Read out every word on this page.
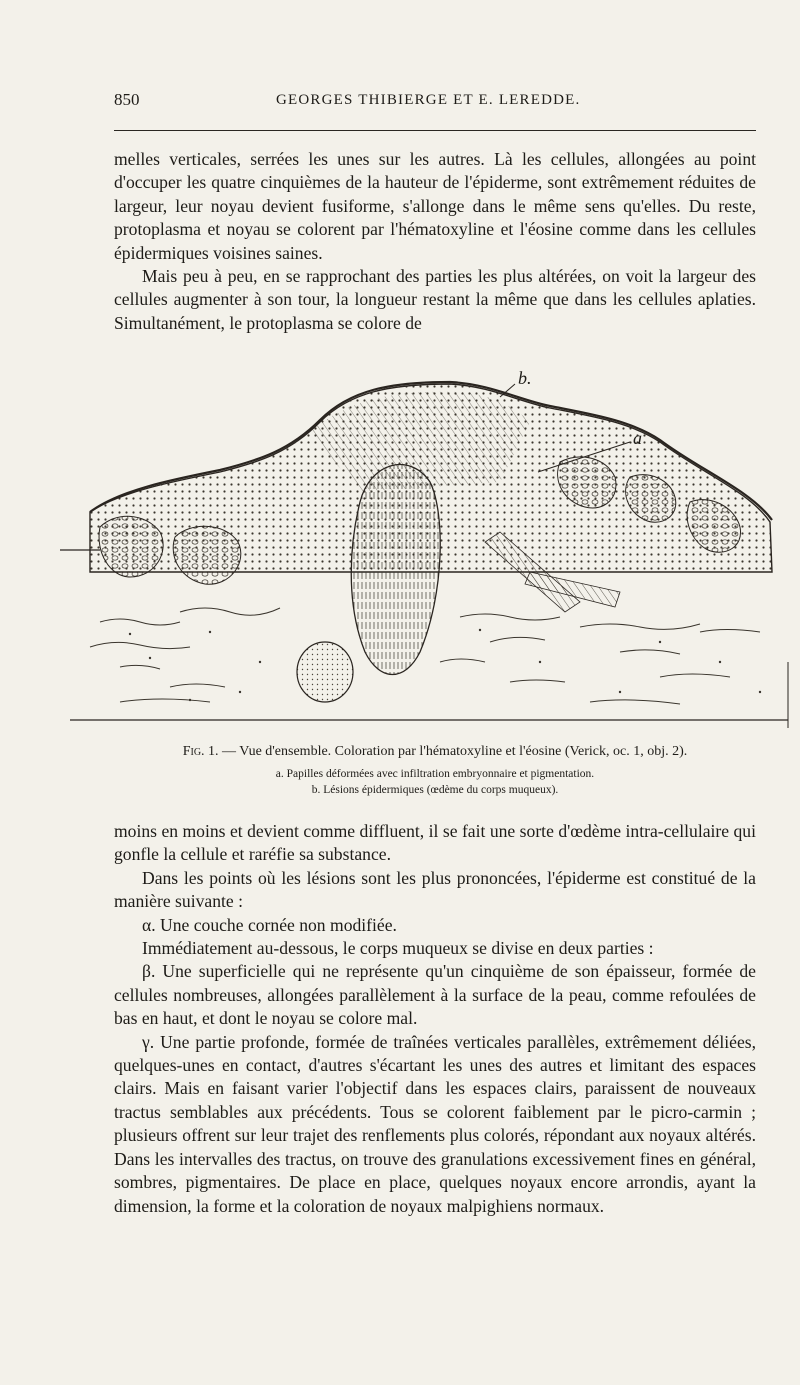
850	GEORGES THIBIERGE ET E. LEREDDE.

melles verticales, serrées les unes sur les autres. Là les cellules, allongées au point d'occuper les quatre cinquièmes de la hauteur de l'épiderme, sont extrêmement réduites de largeur, leur noyau devient fusiforme, s'allonge dans le même sens qu'elles. Du reste, protoplasma et noyau se colorent par l'hématoxyline et l'éosine comme dans les cellules épidermiques voisines saines.

Mais peu à peu, en se rapprochant des parties les plus altérées, on voit la largeur des cellules augmenter à son tour, la longueur restant la même que dans les cellules aplaties. Simultanément, le protoplasma se colore de

b.
a
Fig. 1. — Vue d'ensemble. Coloration par l'hématoxyline et l'éosine (Verick, oc. 1, obj. 2).
a. Papilles déformées avec infiltration embryonnaire et pigmentation.
b. Lésions épidermiques (œdème du corps muqueux).

moins en moins et devient comme diffluent, il se fait une sorte d'œdème intra-cellulaire qui gonfle la cellule et raréfie sa substance.

Dans les points où les lésions sont les plus prononcées, l'épiderme est constitué de la manière suivante :

α. Une couche cornée non modifiée.

Immédiatement au-dessous, le corps muqueux se divise en deux parties :

β. Une superficielle qui ne représente qu'un cinquième de son épaisseur, formée de cellules nombreuses, allongées parallèlement à la surface de la peau, comme refoulées de bas en haut, et dont le noyau se colore mal.

γ. Une partie profonde, formée de traînées verticales parallèles, extrêmement déliées, quelques-unes en contact, d'autres s'écartant les unes des autres et limitant des espaces clairs. Mais en faisant varier l'objectif dans les espaces clairs, paraissent de nouveaux tractus semblables aux précédents. Tous se colorent faiblement par le picro-carmin ; plusieurs offrent sur leur trajet des renflements plus colorés, répondant aux noyaux altérés. Dans les intervalles des tractus, on trouve des granulations excessivement fines en général, sombres, pigmentaires. De place en place, quelques noyaux encore arrondis, ayant la dimension, la forme et la coloration de noyaux malpighiens normaux.
